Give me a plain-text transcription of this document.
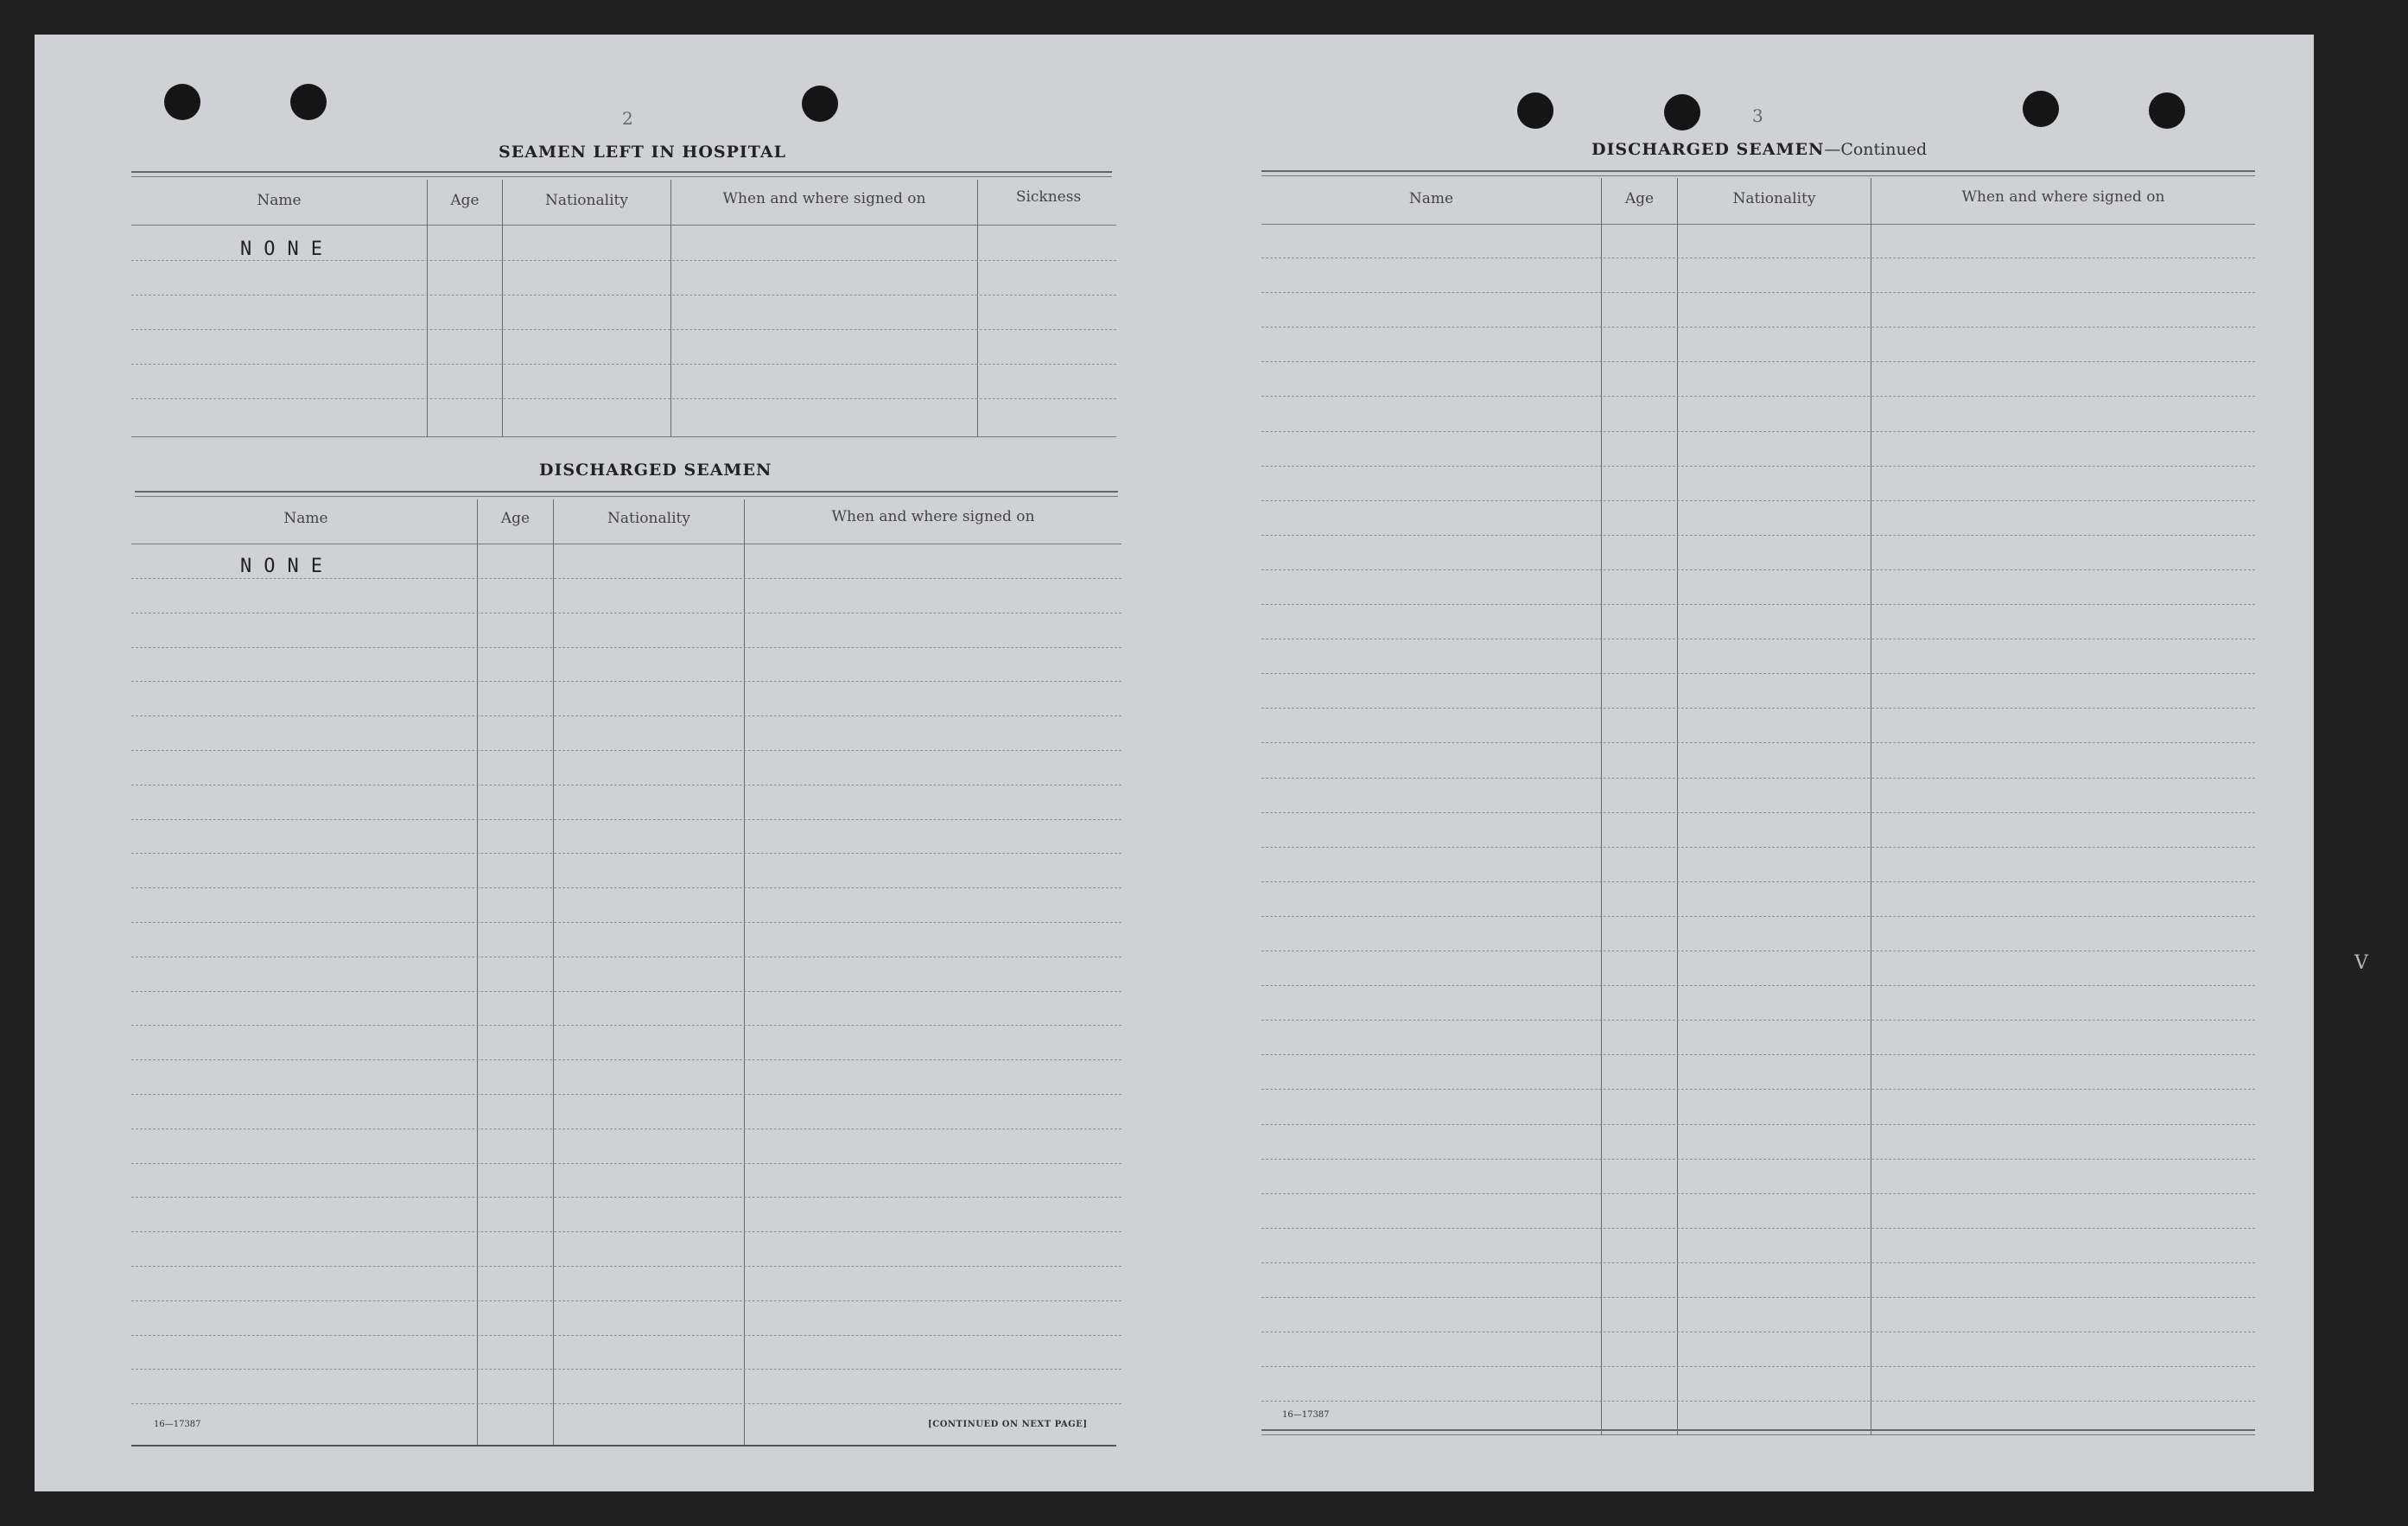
2
SEAMEN LEFT IN HOSPITAL
Name	Age	Nationality	When and where signed on	Sickness
NONE
DISCHARGED SEAMEN
Name	Age	Nationality	When and where signed on
NONE
16—17387	[CONTINUED ON NEXT PAGE]
3
DISCHARGED SEAMEN—Continued
Name	Age	Nationality	When and where signed on
16—17387
V
